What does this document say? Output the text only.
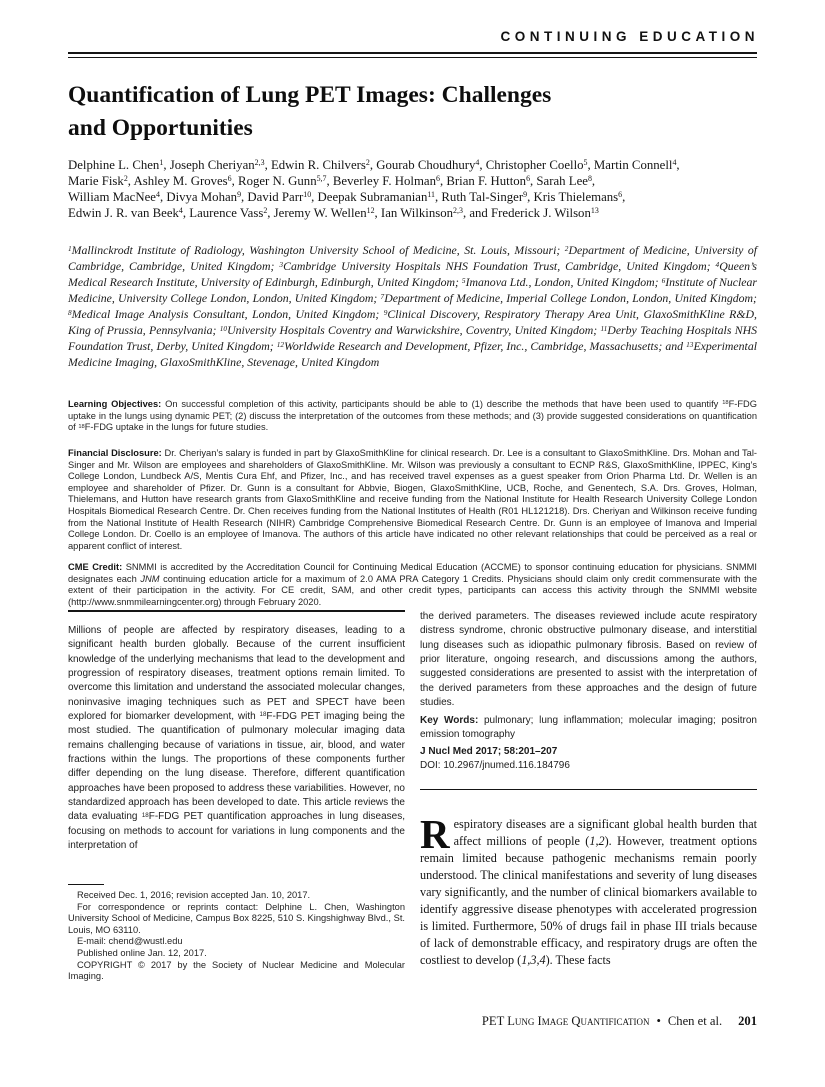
CONTINUING EDUCATION
Quantification of Lung PET Images: Challenges
and Opportunities
Delphine L. Chen$^1$, Joseph Cheriyan$^{2,3}$, Edwin R. Chilvers$^2$, Gourab Choudhury$^4$, Christopher Coello$^5$, Martin Connell$^4$,
Marie Fisk$^2$, Ashley M. Groves$^6$, Roger N. Gunn$^{5,7}$, Beverley F. Holman$^6$, Brian F. Hutton$^6$, Sarah Lee$^8$,
William MacNee$^4$, Divya Mohan$^9$, David Parr$^{10}$, Deepak Subramanian$^{11}$, Ruth Tal-Singer$^9$, Kris Thielemans$^6$,
Edwin J. R. van Beek$^4$, Laurence Vass$^2$, Jeremy W. Wellen$^{12}$, Ian Wilkinson$^{2,3}$, and Frederick J. Wilson$^{13}$
$^1$Mallinckrodt Institute of Radiology, Washington University School of Medicine, St. Louis, Missouri; $^2$Department of Medicine, University of Cambridge, Cambridge, United Kingdom; $^3$Cambridge University Hospitals NHS Foundation Trust, Cambridge, United Kingdom; $^4$Queen’s Medical Research Institute, University of Edinburgh, Edinburgh, United Kingdom; $^5$Imanova Ltd., London, United Kingdom; $^6$Institute of Nuclear Medicine, University College London, London, United Kingdom; $^7$Department of Medicine, Imperial College London, London, United Kingdom; $^8$Medical Image Analysis Consultant, London, United Kingdom; $^9$Clinical Discovery, Respiratory Therapy Area Unit, GlaxoSmithKline R&D, King of Prussia, Pennsylvania; $^{10}$University Hospitals Coventry and Warwickshire, Coventry, United Kingdom; $^{11}$Derby Teaching Hospitals NHS Foundation Trust, Derby, United Kingdom; $^{12}$Worldwide Research and Development, Pfizer, Inc., Cambridge, Massachusetts; and $^{13}$Experimental Medicine Imaging, GlaxoSmithKline, Stevenage, United Kingdom

Learning Objectives: On successful completion of this activity, participants should be able to (1) describe the methods that have been used to quantify $^{18}$F-FDG uptake in the lungs using dynamic PET; (2) discuss the interpretation of the outcomes from these methods; and (3) provide suggested considerations on quantification of $^{18}$F-FDG uptake in the lungs for future studies.

Financial Disclosure: Dr. Cheriyan’s salary is funded in part by GlaxoSmithKline for clinical research. Dr. Lee is a consultant to GlaxoSmithKline. Drs. Mohan and Tal-Singer and Mr. Wilson are employees and shareholders of GlaxoSmithKline. Mr. Wilson was previously a consultant to ECNP R&S, GlaxoSmithKline, IPPEC, King’s College London, Lundbeck A/S, Mentis Cura Ehf, and Pfizer, Inc., and has received travel expenses as a guest speaker from Orion Pharma Ltd. Dr. Wellen is an employee and shareholder of Pfizer. Dr. Gunn is a consultant for Abbvie, Biogen, GlaxoSmithKline, UCB, Roche, and Genentech, S.A. Drs. Groves, Holman, Thielemans, and Hutton have research grants from GlaxoSmithKline and receive funding from the National Institute for Health Research University College London Hospitals Biomedical Research Centre. Dr. Chen receives funding from the National Institutes of Health (R01 HL121218). Drs. Cheriyan and Wilkinson receive funding from the National Institute of Health Research (NIHR) Cambridge Comprehensive Biomedical Research Centre. Dr. Gunn is an employee of Imanova and Imperial College London. Dr. Coello is an employee of Imanova. The authors of this article have indicated no other relevant relationships that could be perceived as a real or apparent conflict of interest.

CME Credit: SNMMI is accredited by the Accreditation Council for Continuing Medical Education (ACCME) to sponsor continuing education for physicians. SNMMI designates each JNM continuing education article for a maximum of 2.0 AMA PRA Category 1 Credits. Physicians should claim only credit commensurate with the extent of their participation in the activity. For CE credit, SAM, and other credit types, participants can access this activity through the SNMMI website (http://www.snmmilearningcenter.org) through February 2020.

Millions of people are affected by respiratory diseases, leading to a significant health burden globally. Because of the current insufficient knowledge of the underlying mechanisms that lead to the development and progression of respiratory diseases, treatment options remain limited. To overcome this limitation and understand the associated molecular changes, noninvasive imaging techniques such as PET and SPECT have been explored for biomarker development, with $^{18}$F-FDG PET imaging being the most studied. The quantification of pulmonary molecular imaging data remains challenging because of variations in tissue, air, blood, and water fractions within the lungs. The proportions of these components further differ depending on the lung disease. Therefore, different quantification approaches have been proposed to address these variabilities. However, no standardized approach has been developed to date. This article reviews the data evaluating $^{18}$F-FDG PET quantification approaches in lung diseases, focusing on methods to account for variations in lung components and the interpretation of

Received Dec. 1, 2016; revision accepted Jan. 10, 2017.

For correspondence or reprints contact: Delphine L. Chen, Washington University School of Medicine, Campus Box 8225, 510 S. Kingshighway Blvd., St. Louis, MO 63110.

E-mail: chend@wustl.edu

Published online Jan. 12, 2017.

COPYRIGHT © 2017 by the Society of Nuclear Medicine and Molecular Imaging.

the derived parameters. The diseases reviewed include acute respiratory distress syndrome, chronic obstructive pulmonary disease, and interstitial lung diseases such as idiopathic pulmonary fibrosis. Based on review of prior literature, ongoing research, and discussions among the authors, suggested considerations are presented to assist with the interpretation of the derived parameters from these approaches and the design of future studies.

Key Words: pulmonary; lung inflammation; molecular imaging; positron emission tomography

J Nucl Med 2017; 58:201–207

DOI: 10.2967/jnumed.116.184796

Respiratory diseases are a significant global health burden that affect millions of people (1,2). However, treatment options remain limited because pathogenic mechanisms remain poorly understood. The clinical manifestations and severity of lung diseases vary significantly, and the number of clinical biomarkers available to identify aggressive disease phenotypes with accelerated progression is limited. Furthermore, 50% of drugs fail in phase III trials because of lack of demonstrable efficacy, and respiratory drugs are often the costliest to develop (1,3,4). These facts
PET Lung Image Quantification • Chen et al. 201
